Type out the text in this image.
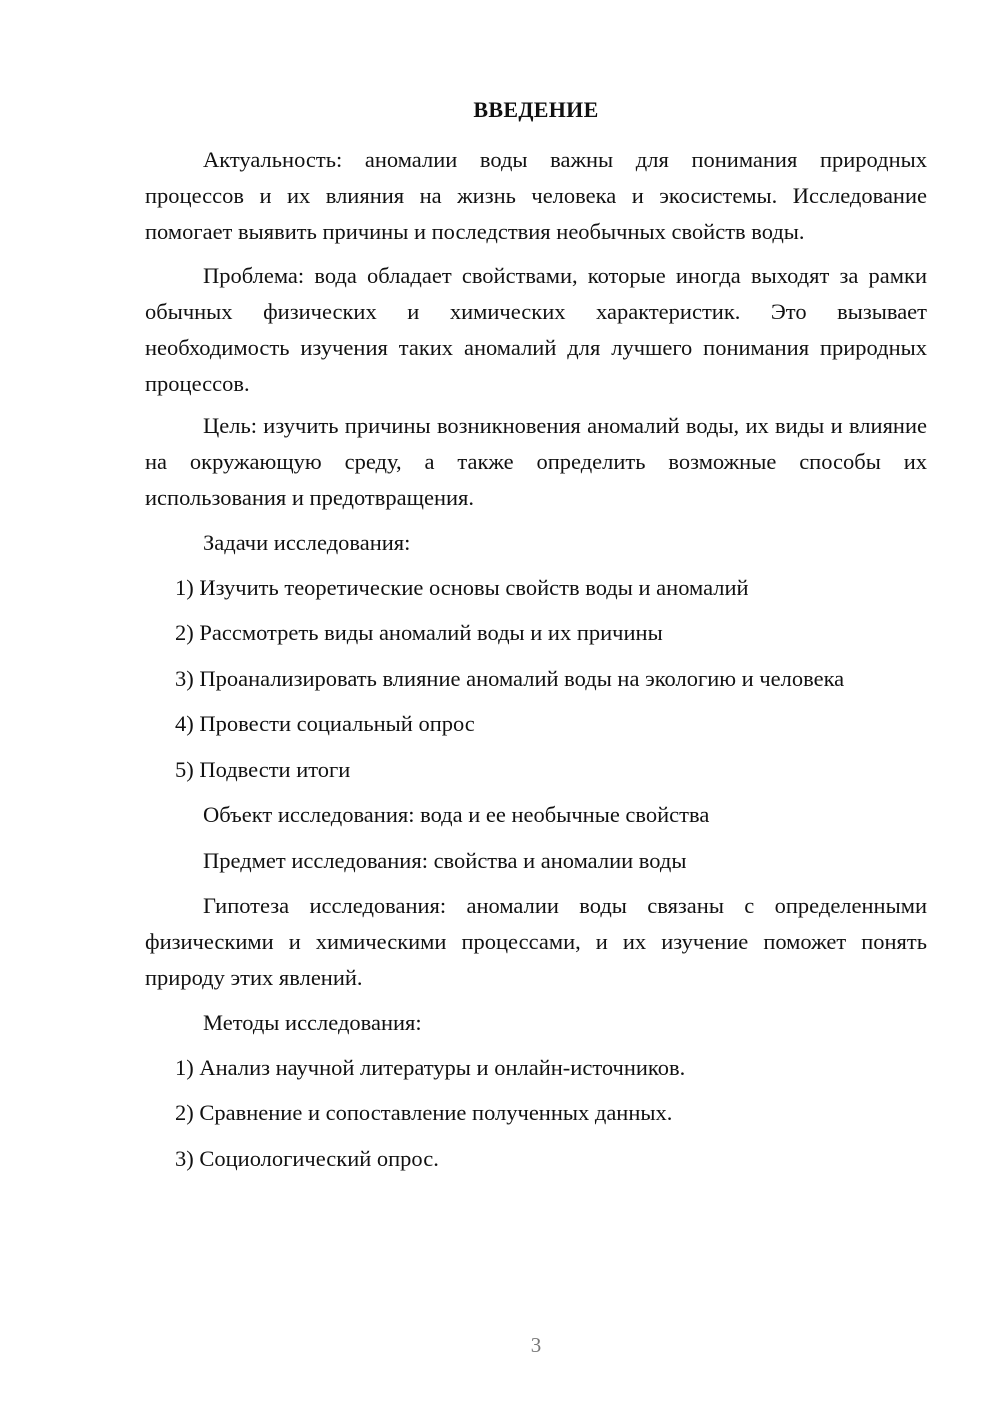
ВВЕДЕНИЕ

Актуальность: аномалии воды важны для понимания природных процессов и их влияния на жизнь человека и экосистемы. Исследование помогает выявить причины и последствия необычных свойств воды.

Проблема: вода обладает свойствами, которые иногда выходят за рамки обычных физических и химических характеристик. Это вызывает необходимость изучения таких аномалий для лучшего понимания природных процессов.

Цель: изучить причины возникновения аномалий воды, их виды и влияние на окружающую среду, а также определить возможные способы их использования и предотвращения.

Задачи исследования:

1) Изучить теоретические основы свойств воды и аномалий

2) Рассмотреть виды аномалий воды и их причины

3) Проанализировать влияние аномалий воды на экологию и человека

4) Провести социальный опрос

5) Подвести итоги

Объект исследования: вода и ее необычные свойства

Предмет исследования: свойства и аномалии воды

Гипотеза исследования: аномалии воды связаны с определенными физическими и химическими процессами, и их изучение поможет понять природу этих явлений.

Методы исследования:

1) Анализ научной литературы и онлайн-источников.

2) Сравнение и сопоставление полученных данных.

3) Социологический опрос.

3
